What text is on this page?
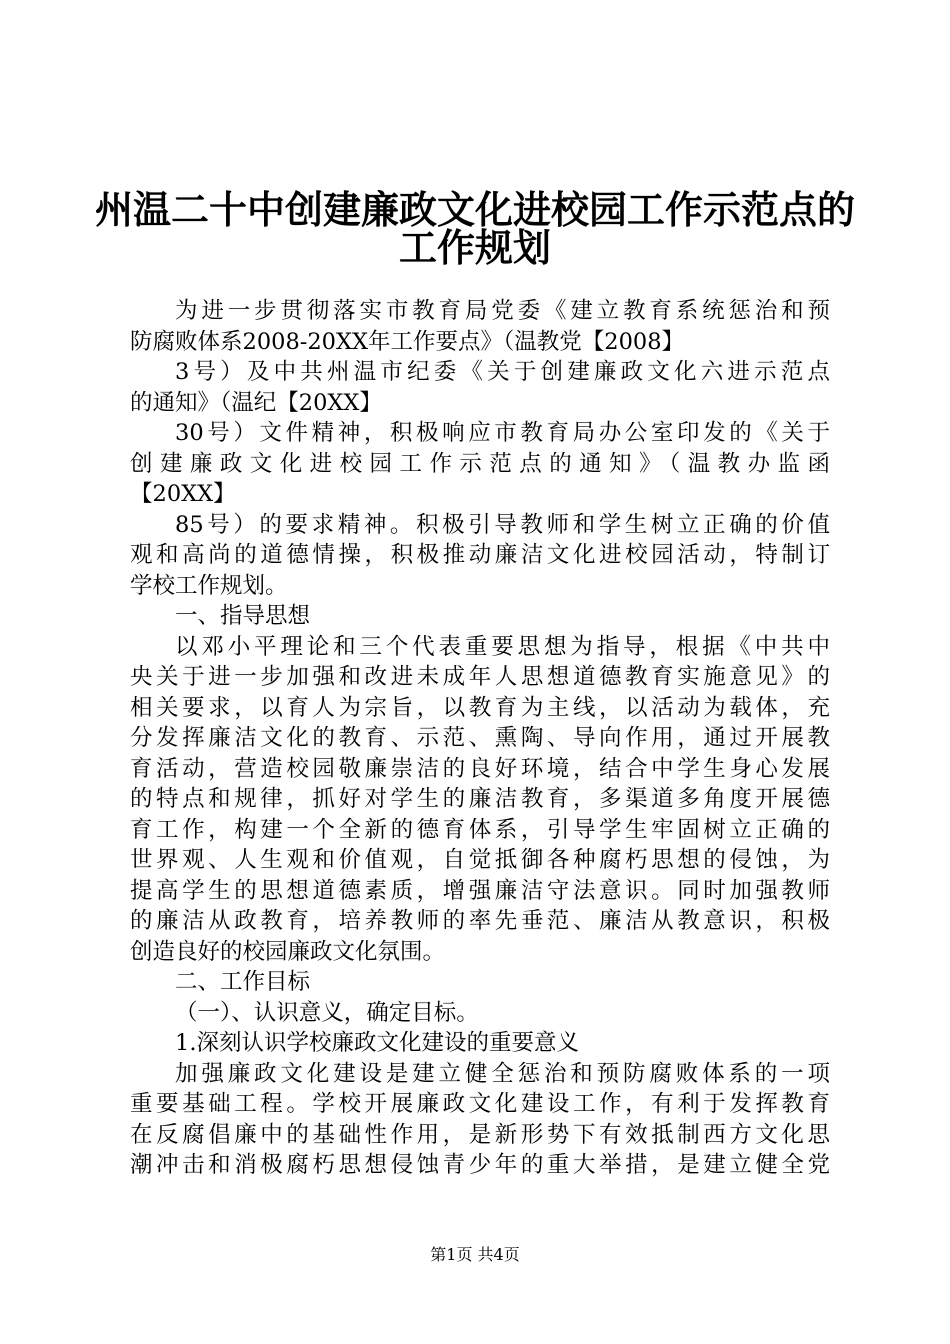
州温二十中创建廉政文化进校园工作示范点的
工作规划
为进一步贯彻落实市教育局党委《建立教育系统惩治和预
防腐败体系2008-20XX年工作要点》（温教党【2008】
3号）及中共州温市纪委《关于创建廉政文化六进示范点
的通知》（温纪【20XX】
30号）文件精神，积极响应市教育局办公室印发的《关于
创建廉政文化进校园工作示范点的通知》（温教办监函
【20XX】
85号）的要求精神。积极引导教师和学生树立正确的价值
观和高尚的道德情操，积极推动廉洁文化进校园活动，特制订
学校工作规划。
一、指导思想
以邓小平理论和三个代表重要思想为指导，根据《中共中
央关于进一步加强和改进未成年人思想道德教育实施意见》的
相关要求，以育人为宗旨，以教育为主线，以活动为载体，充
分发挥廉洁文化的教育、示范、熏陶、导向作用，通过开展教
育活动，营造校园敬廉崇洁的良好环境，结合中学生身心发展
的特点和规律，抓好对学生的廉洁教育，多渠道多角度开展德
育工作，构建一个全新的德育体系，引导学生牢固树立正确的
世界观、人生观和价值观，自觉抵御各种腐朽思想的侵蚀，为
提高学生的思想道德素质，增强廉洁守法意识。同时加强教师
的廉洁从政教育，培养教师的率先垂范、廉洁从教意识，积极
创造良好的校园廉政文化氛围。
二、工作目标
（一）、认识意义，确定目标。
1.深刻认识学校廉政文化建设的重要意义
加强廉政文化建设是建立健全惩治和预防腐败体系的一项
重要基础工程。学校开展廉政文化建设工作，有利于发挥教育
在反腐倡廉中的基础性作用，是新形势下有效抵制西方文化思
潮冲击和消极腐朽思想侵蚀青少年的重大举措，是建立健全党
第1页 共4页
